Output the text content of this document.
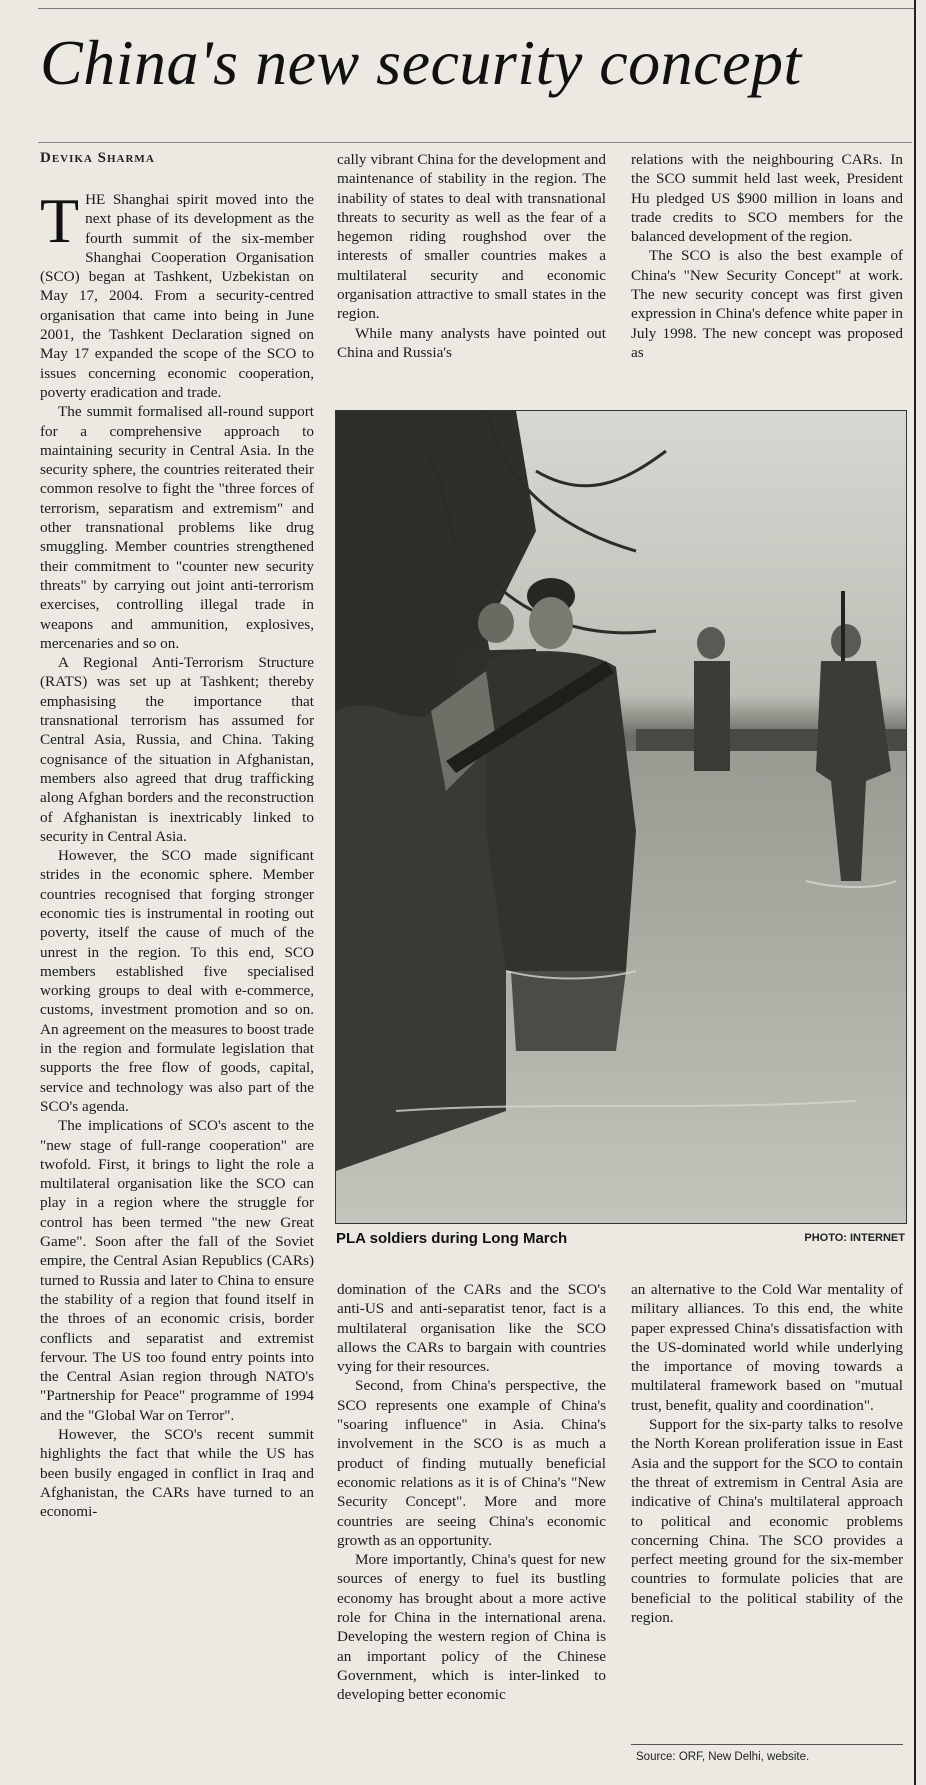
China's new security concept
Devika Sharma

THE Shanghai spirit moved into the next phase of its development as the fourth summit of the six-member Shanghai Cooperation Organisation (SCO) began at Tashkent, Uzbekistan on May 17, 2004. From a security-centred organisation that came into being in June 2001, the Tashkent Declaration signed on May 17 expanded the scope of the SCO to issues concerning economic cooperation, poverty eradication and trade.

The summit formalised all-round support for a comprehensive approach to maintaining security in Central Asia. In the security sphere, the countries reiterated their common resolve to fight the "three forces of terrorism, separatism and extremism" and other transnational problems like drug smuggling. Member countries strengthened their commitment to "counter new security threats" by carrying out joint anti-terrorism exercises, controlling illegal trade in weapons and ammunition, explosives, mercenaries and so on.

A Regional Anti-Terrorism Structure (RATS) was set up at Tashkent; thereby emphasising the importance that transnational terrorism has assumed for Central Asia, Russia, and China. Taking cognisance of the situation in Afghanistan, members also agreed that drug trafficking along Afghan borders and the reconstruction of Afghanistan is inextricably linked to security in Central Asia.

However, the SCO made significant strides in the economic sphere. Member countries recognised that forging stronger economic ties is instrumental in rooting out poverty, itself the cause of much of the unrest in the region. To this end, SCO members established five specialised working groups to deal with e-commerce, customs, investment promotion and so on. An agreement on the measures to boost trade in the region and formulate legislation that supports the free flow of goods, capital, service and technology was also part of the SCO's agenda.

The implications of SCO's ascent to the "new stage of full-range cooperation" are twofold. First, it brings to light the role a multilateral organisation like the SCO can play in a region where the struggle for control has been termed "the new Great Game". Soon after the fall of the Soviet empire, the Central Asian Republics (CARs) turned to Russia and later to China to ensure the stability of a region that found itself in the throes of an economic crisis, border conflicts and separatist and extremist fervour. The US too found entry points into the Central Asian region through NATO's "Partnership for Peace" programme of 1994 and the "Global War on Terror".

However, the SCO's recent summit highlights the fact that while the US has been busily engaged in conflict in Iraq and Afghanistan, the CARs have turned to an economi-

cally vibrant China for the development and maintenance of stability in the region. The inability of states to deal with transnational threats to security as well as the fear of a hegemon riding roughshod over the interests of smaller countries makes a multilateral security and economic organisation attractive to small states in the region.

While many analysts have pointed out China and Russia's

relations with the neighbouring CARs. In the SCO summit held last week, President Hu pledged US $900 million in loans and trade credits to SCO members for the balanced development of the region.

The SCO is also the best example of China's "New Security Concept" at work. The new security concept was first given expression in China's defence white paper in July 1998. The new concept was proposed as

PLA soldiers during Long March	PHOTO: INTERNET

domination of the CARs and the SCO's anti-US and anti-separatist tenor, fact is a multilateral organisation like the SCO allows the CARs to bargain with countries vying for their resources.

Second, from China's perspective, the SCO represents one example of China's "soaring influence" in Asia. China's involvement in the SCO is as much a product of finding mutually beneficial economic relations as it is of China's "New Security Concept". More and more countries are seeing China's economic growth as an opportunity.

More importantly, China's quest for new sources of energy to fuel its bustling economy has brought about a more active role for China in the international arena. Developing the western region of China is an important policy of the Chinese Government, which is inter-linked to developing better economic

an alternative to the Cold War mentality of military alliances. To this end, the white paper expressed China's dissatisfaction with the US-dominated world while underlying the importance of moving towards a multilateral framework based on "mutual trust, benefit, quality and coordination".

Support for the six-party talks to resolve the North Korean proliferation issue in East Asia and the support for the SCO to contain the threat of extremism in Central Asia are indicative of China's multilateral approach to political and economic problems concerning China. The SCO provides a perfect meeting ground for the six-member countries to formulate policies that are beneficial to the political stability of the region.

Source: ORF, New Delhi, website.
